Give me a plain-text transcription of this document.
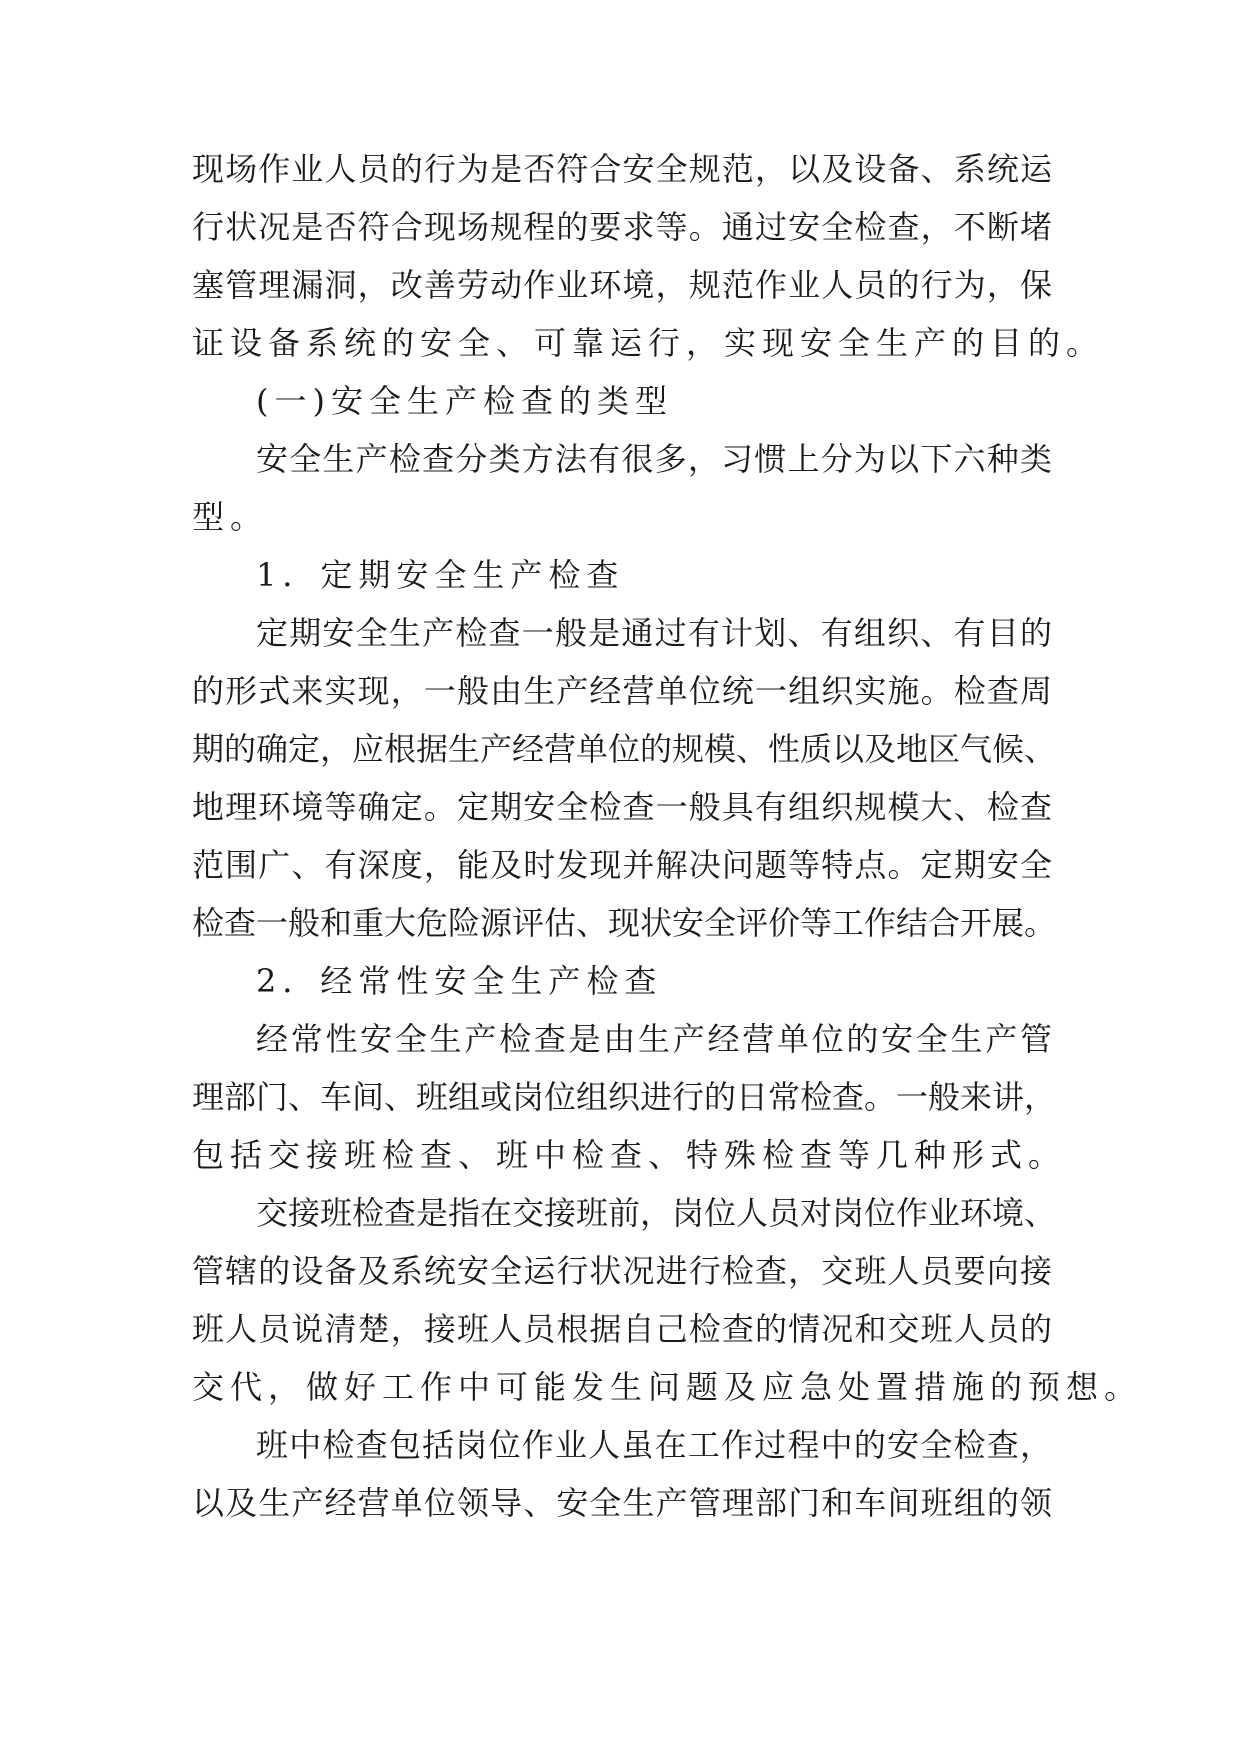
现场作业人员的行为是否符合安全规范，以及设备、系统运
行状况是否符合现场规程的要求等。通过安全检查，不断堵
塞管理漏洞，改善劳动作业环境，规范作业人员的行为，保
证设备系统的安全、可靠运行，实现安全生产的目的。
(一)安全生产检查的类型
安全生产检查分类方法有很多，习惯上分为以下六种类
型。
1．定期安全生产检查
定期安全生产检查一般是通过有计划、有组织、有目的
的形式来实现，一般由生产经营单位统一组织实施。检查周
期的确定，应根据生产经营单位的规模、性质以及地区气候、
地理环境等确定。定期安全检查一般具有组织规模大、检查
范围广、有深度，能及时发现并解决问题等特点。定期安全
检查一般和重大危险源评估、现状安全评价等工作结合开展。
2．经常性安全生产检查
经常性安全生产检查是由生产经营单位的安全生产管
理部门、车间、班组或岗位组织进行的日常检查。一般来讲，
包括交接班检查、班中检查、特殊检查等几种形式。
交接班检查是指在交接班前，岗位人员对岗位作业环境、
管辖的设备及系统安全运行状况进行检查，交班人员要向接
班人员说清楚，接班人员根据自己检查的情况和交班人员的
交代，做好工作中可能发生问题及应急处置措施的预想。
班中检查包括岗位作业人虽在工作过程中的安全检查，
以及生产经营单位领导、安全生产管理部门和车间班组的领
